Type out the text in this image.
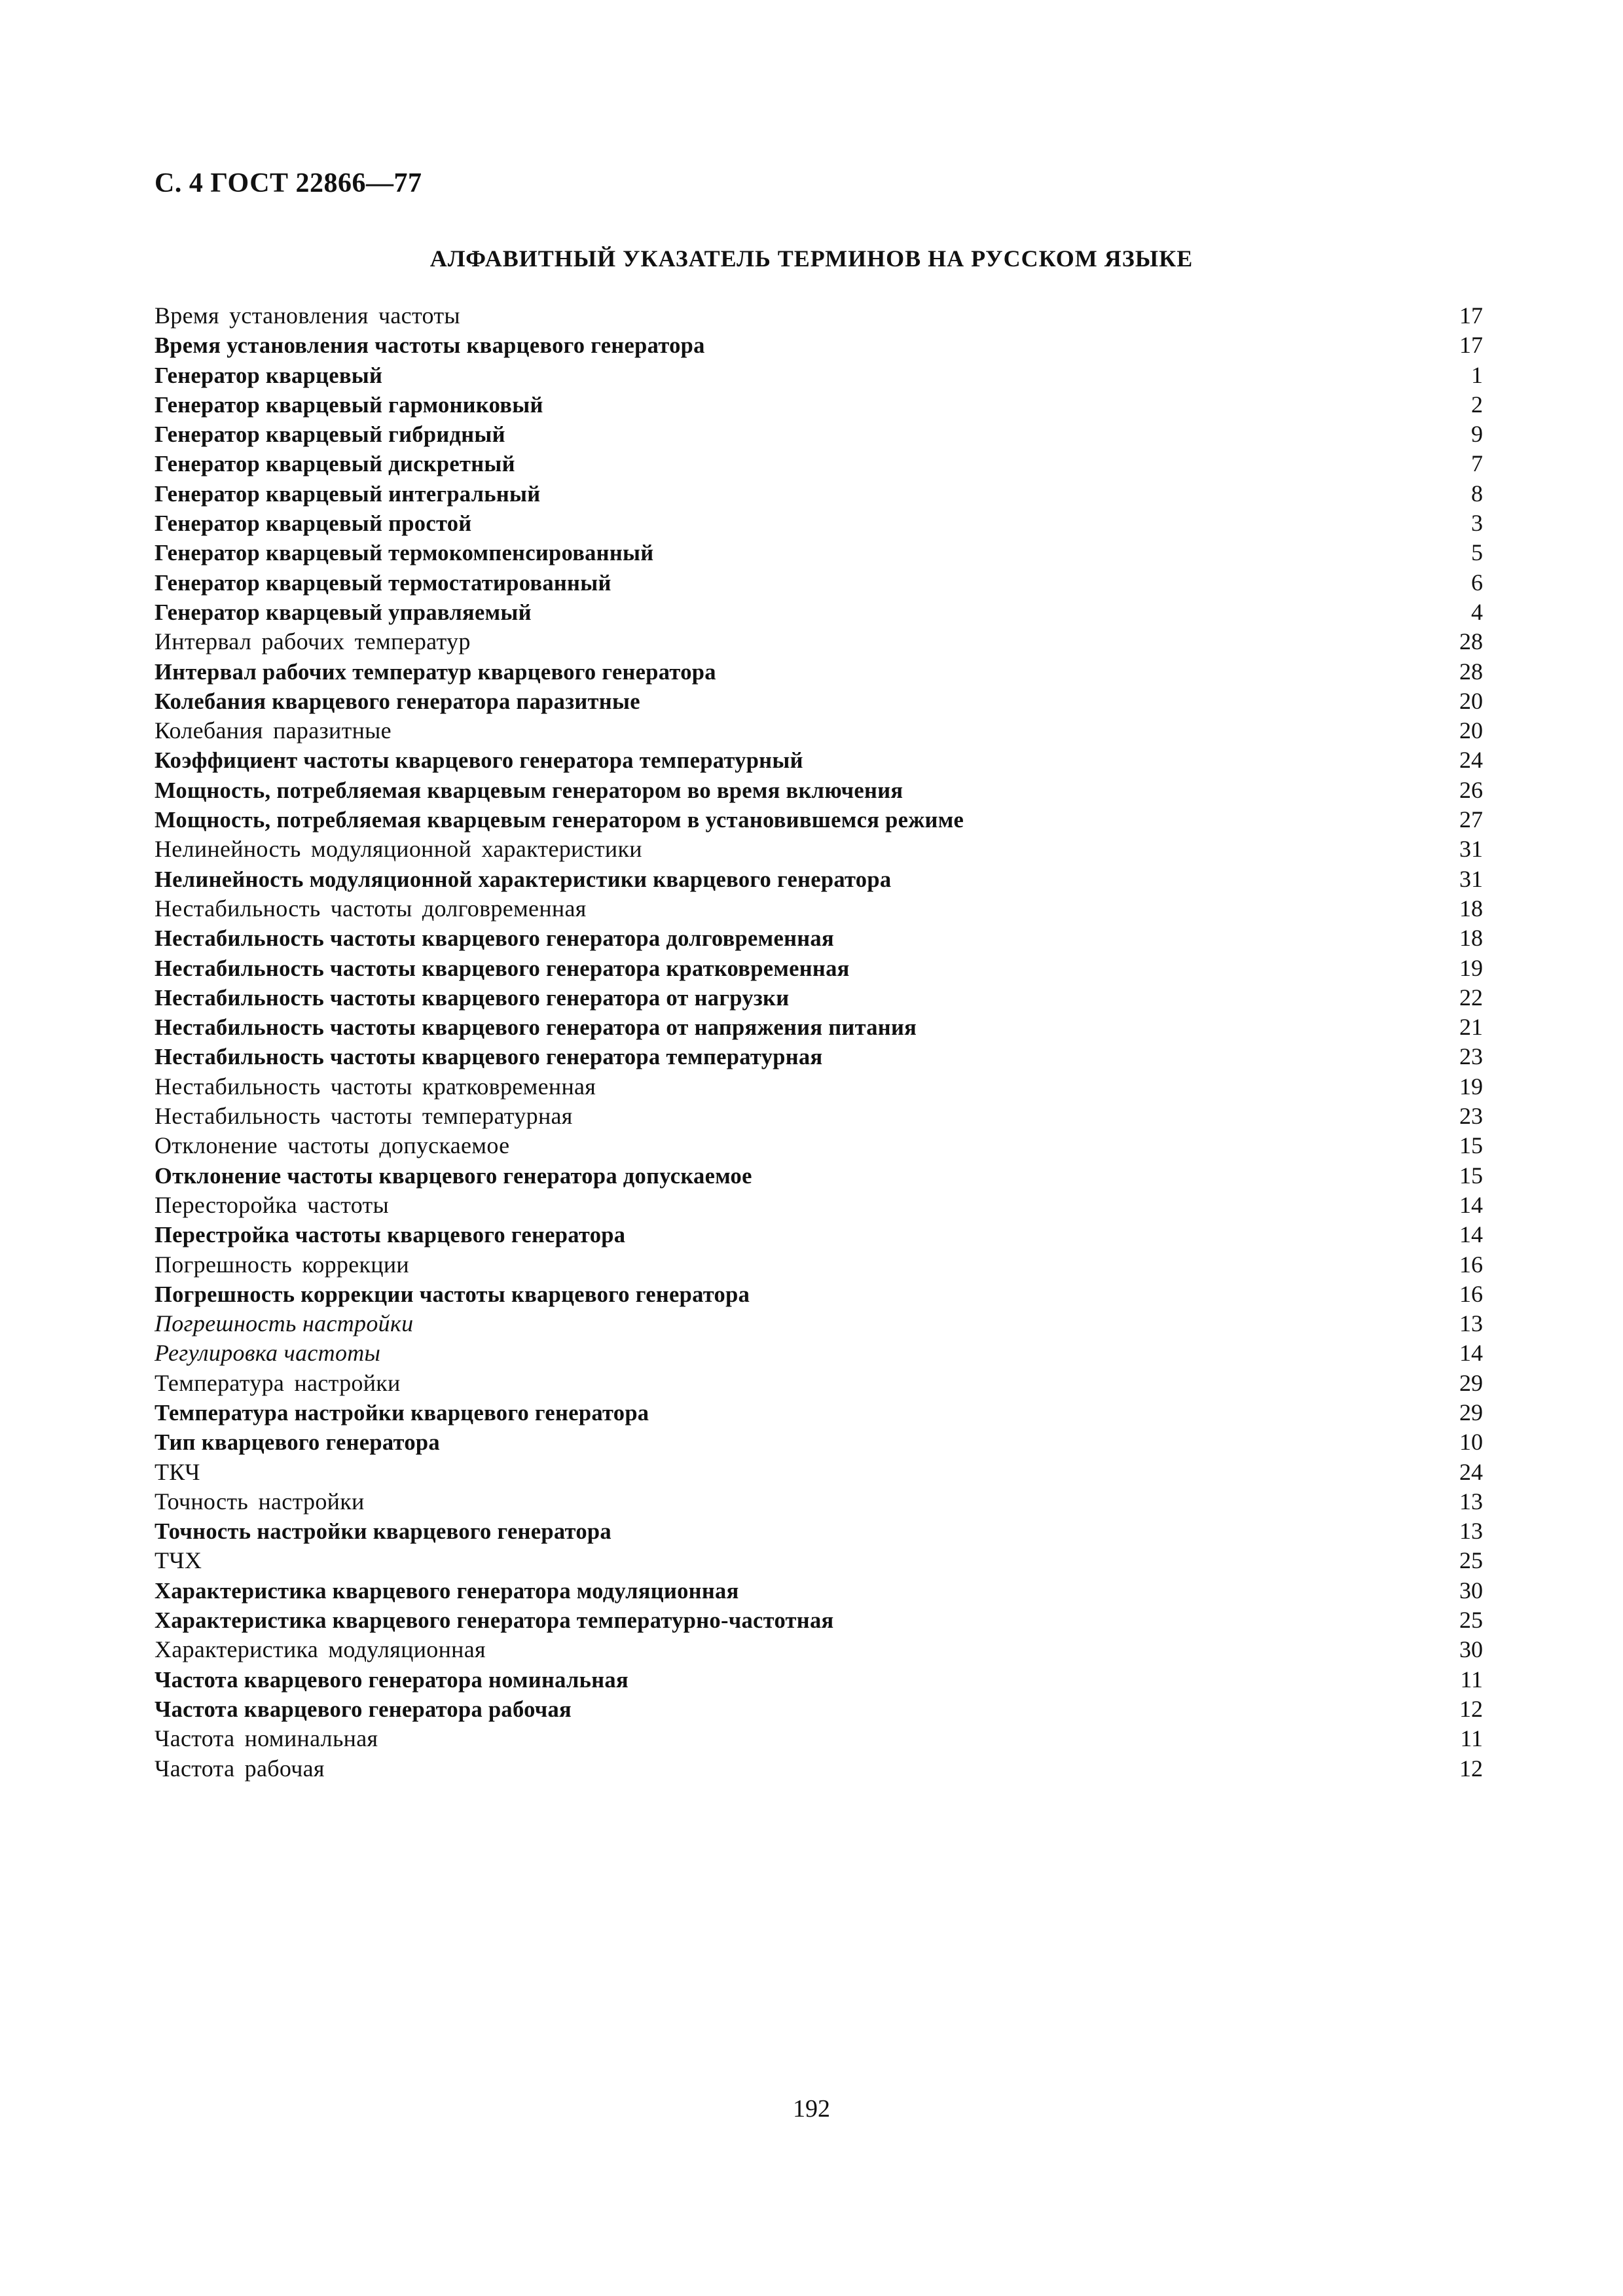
С. 4 ГОСТ 22866—77
АЛФАВИТНЫЙ УКАЗАТЕЛЬ ТЕРМИНОВ НА РУССКОМ ЯЗЫКЕ
Время установления частоты	17
Время установления частоты кварцевого генератора	17
Генератор кварцевый	1
Генератор кварцевый гармониковый	2
Генератор кварцевый гибридный	9
Генератор кварцевый дискретный	7
Генератор кварцевый интегральный	8
Генератор кварцевый простой	3
Генератор кварцевый термокомпенсированный	5
Генератор кварцевый термостатированный	6
Генератор кварцевый управляемый	4
Интервал рабочих температур	28
Интервал рабочих температур кварцевого генератора	28
Колебания кварцевого генератора паразитные	20
Колебания паразитные	20
Коэффициент частоты кварцевого генератора температурный	24
Мощность, потребляемая кварцевым генератором во время включения	26
Мощность, потребляемая кварцевым генератором в установившемся режиме	27
Нелинейность модуляционной характеристики	31
Нелинейность модуляционной характеристики кварцевого генератора	31
Нестабильность частоты долговременная	18
Нестабильность частоты кварцевого генератора долговременная	18
Нестабильность частоты кварцевого генератора кратковременная	19
Нестабильность частоты кварцевого генератора от нагрузки	22
Нестабильность частоты кварцевого генератора от напряжения питания	21
Нестабильность частоты кварцевого генератора температурная	23
Нестабильность частоты кратковременная	19
Нестабильность частоты температурная	23
Отклонение частоты допускаемое	15
Отклонение частоты кварцевого генератора допускаемое	15
Пересторойка частоты	14
Перестройка частоты кварцевого генератора	14
Погрешность коррекции	16
Погрешность коррекции частоты кварцевого генератора	16
Погрешность настройки	13
Регулировка частоты	14
Температура настройки	29
Температура настройки кварцевого генератора	29
Тип кварцевого генератора	10
ТКЧ	24
Точность настройки	13
Точность настройки кварцевого генератора	13
ТЧХ	25
Характеристика кварцевого генератора модуляционная	30
Характеристика кварцевого генератора температурно-частотная	25
Характеристика модуляционная	30
Частота кварцевого генератора номинальная	11
Частота кварцевого генератора рабочая	12
Частота номинальная	11
Частота рабочая	12
192
